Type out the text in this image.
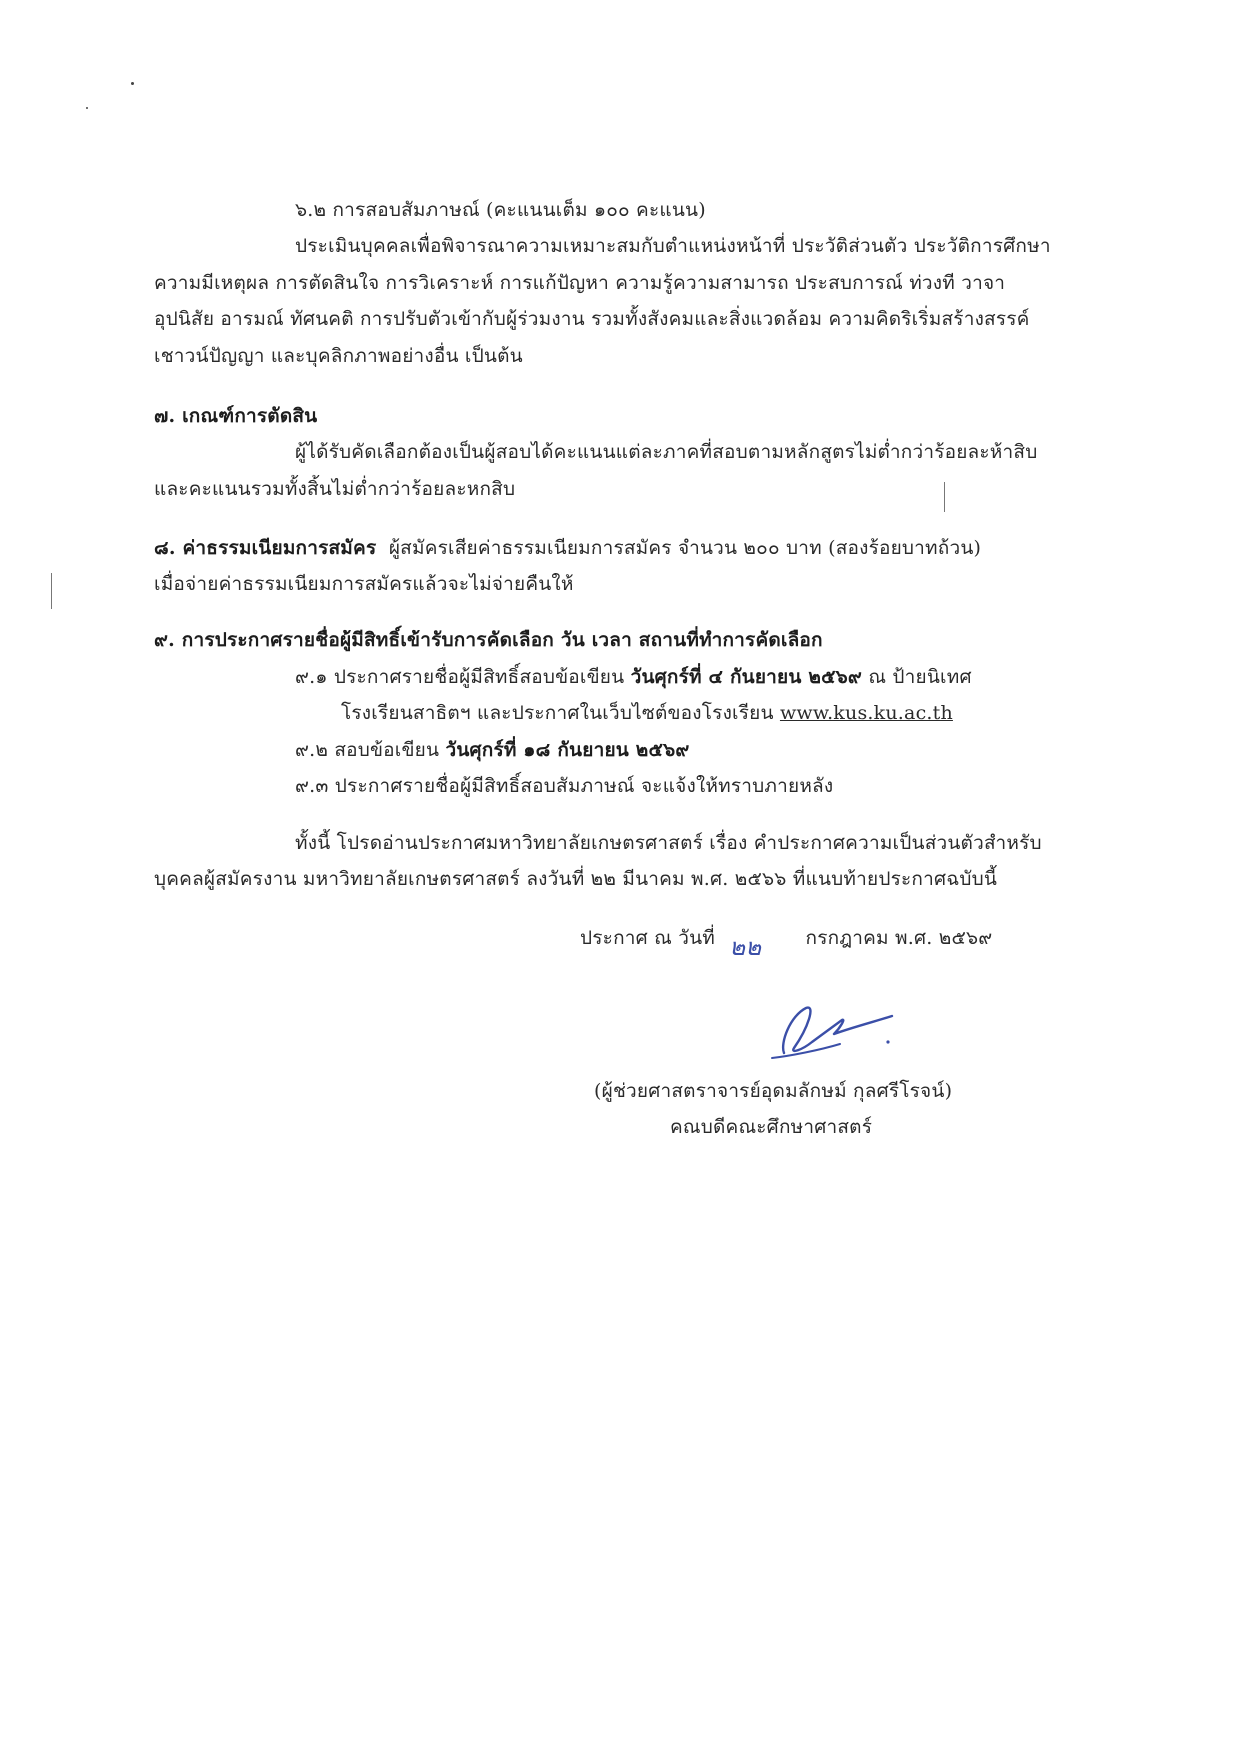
๖.๒ การสอบสัมภาษณ์ (คะแนนเต็ม ๑๐๐ คะแนน)
ประเมินบุคคลเพื่อพิจารณาความเหมาะสมกับตำแหน่งหน้าที่ ประวัติส่วนตัว ประวัติการศึกษา
ความมีเหตุผล การตัดสินใจ การวิเคราะห์ การแก้ปัญหา ความรู้ความสามารถ ประสบการณ์ ท่วงที วาจา
อุปนิสัย อารมณ์ ทัศนคติ การปรับตัวเข้ากับผู้ร่วมงาน รวมทั้งสังคมและสิ่งแวดล้อม ความคิดริเริ่มสร้างสรรค์
เชาวน์ปัญญา และบุคลิกภาพอย่างอื่น เป็นต้น
๗. เกณฑ์การตัดสิน
ผู้ได้รับคัดเลือกต้องเป็นผู้สอบได้คะแนนแต่ละภาคที่สอบตามหลักสูตรไม่ต่ำกว่าร้อยละห้าสิบ
และคะแนนรวมทั้งสิ้นไม่ต่ำกว่าร้อยละหกสิบ
๘. ค่าธรรมเนียมการสมัคร ผู้สมัครเสียค่าธรรมเนียมการสมัคร จำนวน ๒๐๐ บาท (สองร้อยบาทถ้วน)
เมื่อจ่ายค่าธรรมเนียมการสมัครแล้วจะไม่จ่ายคืนให้
๙. การประกาศรายชื่อผู้มีสิทธิ์เข้ารับการคัดเลือก วัน เวลา สถานที่ทำการคัดเลือก
๙.๑ ประกาศรายชื่อผู้มีสิทธิ์สอบข้อเขียน วันศุกร์ที่ ๔ กันยายน ๒๕๖๙ ณ ป้ายนิเทศ
โรงเรียนสาธิตฯ และประกาศในเว็บไซต์ของโรงเรียน www.kus.ku.ac.th
๙.๒ สอบข้อเขียน วันศุกร์ที่ ๑๘ กันยายน ๒๕๖๙
๙.๓ ประกาศรายชื่อผู้มีสิทธิ์สอบสัมภาษณ์ จะแจ้งให้ทราบภายหลัง
ทั้งนี้ โปรดอ่านประกาศมหาวิทยาลัยเกษตรศาสตร์ เรื่อง คำประกาศความเป็นส่วนตัวสำหรับ
บุคคลผู้สมัครงาน มหาวิทยาลัยเกษตรศาสตร์ ลงวันที่ ๒๒ มีนาคม พ.ศ. ๒๕๖๖ ที่แนบท้ายประกาศฉบับนี้
ประกาศ ณ วันที่ ๒๒ กรกฎาคม พ.ศ. ๒๕๖๙
(ผู้ช่วยศาสตราจารย์อุดมลักษม์ กุลศรีโรจน์)
คณบดีคณะศึกษาศาสตร์
